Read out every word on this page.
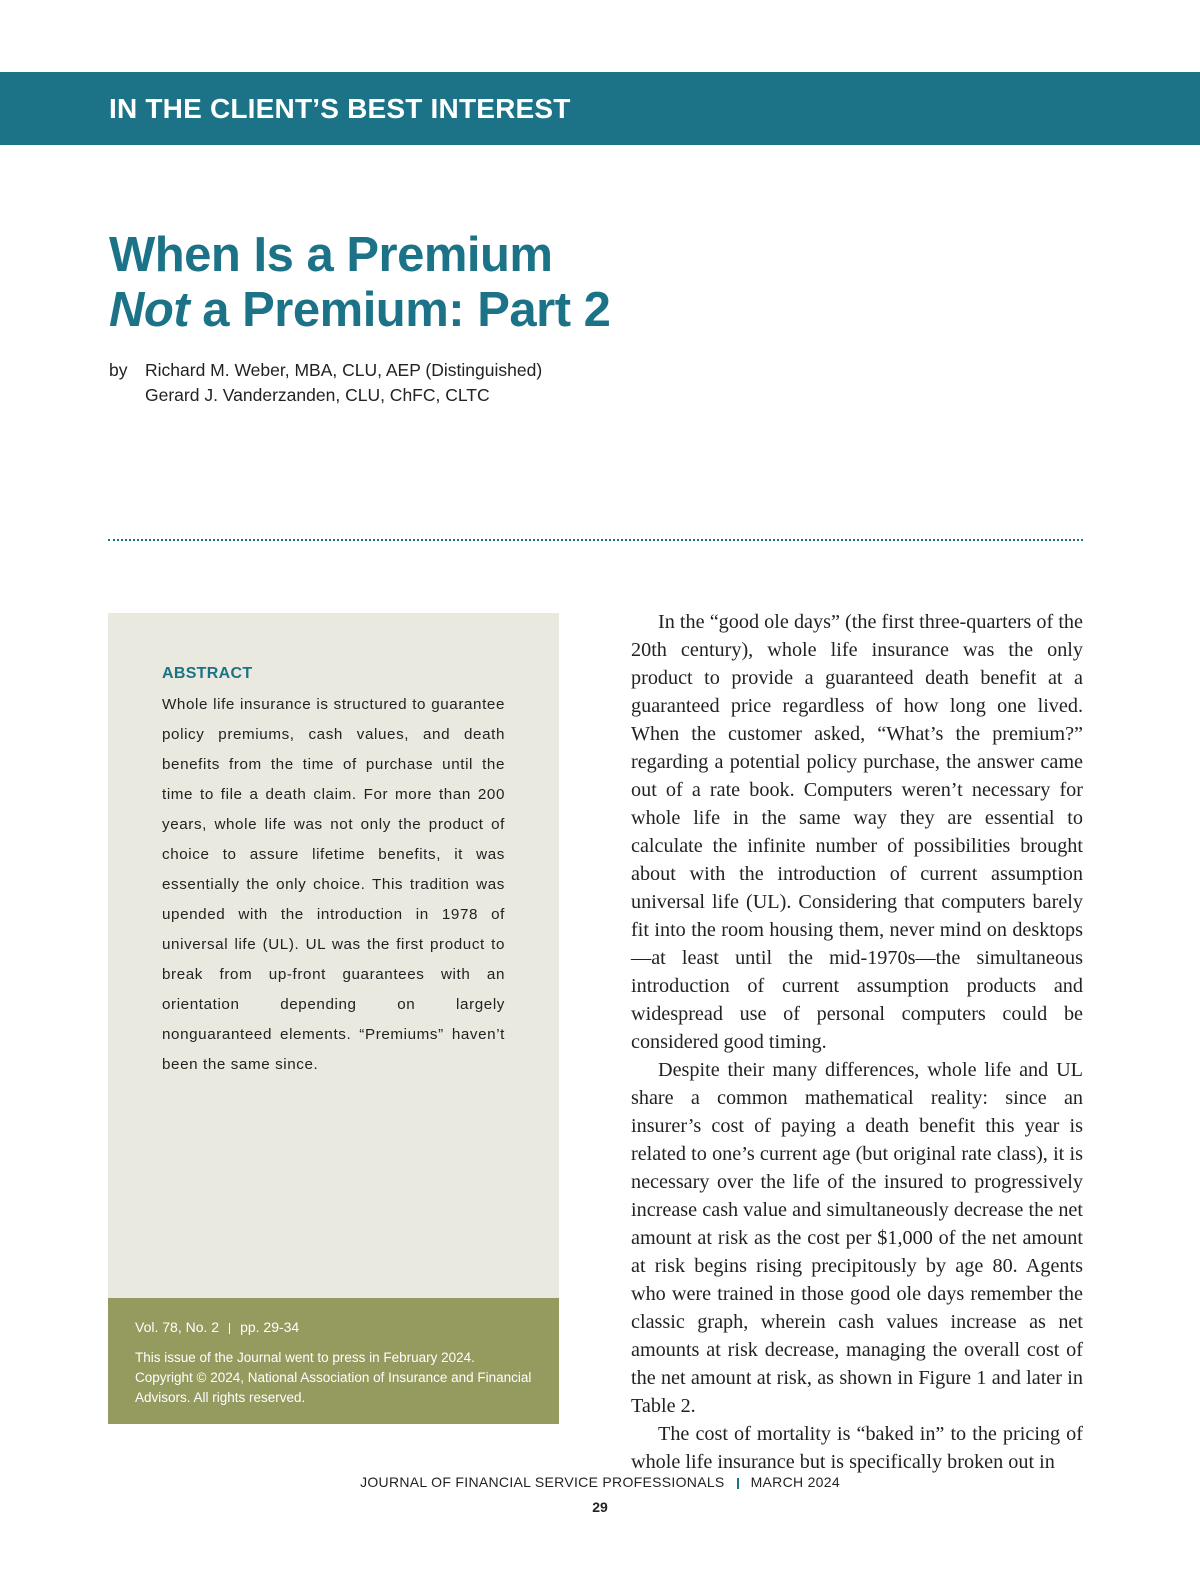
IN THE CLIENT’S BEST INTEREST
When Is a Premium
Not a Premium: Part 2
by Richard M. Weber, MBA, CLU, AEP (Distinguished)
Gerard J. Vanderzanden, CLU, ChFC, CLTC
ABSTRACT
Whole life insurance is structured to guarantee policy premiums, cash values, and death benefits from the time of purchase until the time to file a death claim. For more than 200 years, whole life was not only the product of choice to assure lifetime benefits, it was essentially the only choice. This tradition was upended with the introduction in 1978 of universal life (UL). UL was the first product to break from up-front guarantees with an orientation depending on largely nonguaranteed elements. “Premiums” haven’t been the same since.
Vol. 78, No. 2 pp. 29-34
This issue of the Journal went to press in February 2024. Copyright © 2024, National Association of Insurance and Financial Advisors. All rights reserved.

In the “good ole days” (the first three-quarters of the 20th century), whole life insurance was the only product to provide a guaranteed death benefit at a guaranteed price regardless of how long one lived. When the customer asked, “What’s the premium?” regarding a potential policy purchase, the answer came out of a rate book. Computers weren’t necessary for whole life in the same way they are essential to calculate the infinite number of possibilities brought about with the introduction of current assumption universal life (UL). Considering that computers barely fit into the room housing them, never mind on desktops—at least until the mid-1970s—the simultaneous introduction of current assumption products and widespread use of personal computers could be considered good timing.

Despite their many differences, whole life and UL share a common mathematical reality: since an insurer’s cost of paying a death benefit this year is related to one’s current age (but original rate class), it is necessary over the life of the insured to progressively increase cash value and simultaneously decrease the net amount at risk as the cost per $1,000 of the net amount at risk begins rising precipitously by age 80. Agents who were trained in those good ole days remember the classic graph, wherein cash values increase as net amounts at risk decrease, managing the overall cost of the net amount at risk, as shown in Figure 1 and later in Table 2.

The cost of mortality is “baked in” to the pricing of whole life insurance but is specifically broken out in

JOURNAL OF FINANCIAL SERVICE PROFESSIONALS MARCH 2024
29
